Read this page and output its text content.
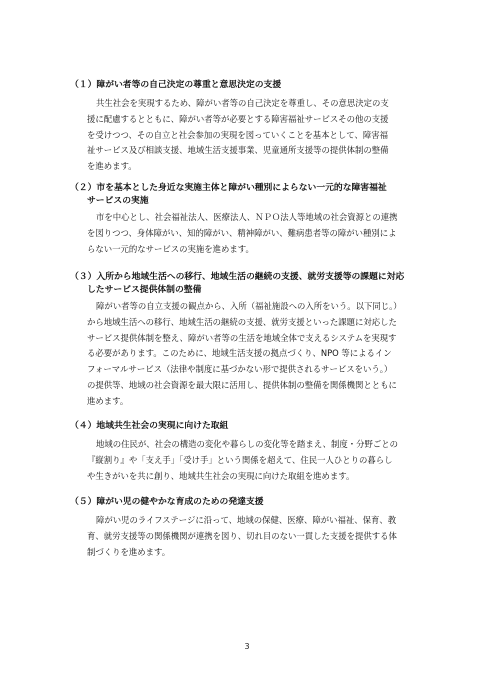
（１）障がい者等の自己決定の尊重と意思決定の支援

共生社会を実現するため、障がい者等の自己決定を尊重し、その意思決定の支
援に配慮するとともに、障がい者等が必要とする障害福祉サービスその他の支援
を受けつつ、その自立と社会参加の実現を図っていくことを基本として、障害福
祉サービス及び相談支援、地域生活支援事業、児童通所支援等の提供体制の整備
を進めます。

（２）市を基本とした身近な実施主体と障がい種別によらない一元的な障害福祉

サービスの実施

市を中心とし、社会福祉法人、医療法人、ＮＰＯ法人等地域の社会資源との連携
を図りつつ、身体障がい、知的障がい、精神障がい、難病患者等の障がい種別によ
らない一元的なサービスの実施を進めます。

（３）入所から地域生活への移行、地域生活の継続の支援、就労支援等の課題に対応

したサービス提供体制の整備

障がい者等の自立支援の観点から、入所（福祉施設への入所をいう。以下同じ。）
から地域生活への移行、地域生活の継続の支援、就労支援といった課題に対応した
サービス提供体制を整え、障がい者等の生活を地域全体で支えるシステムを実現す
る必要があります。このために、地域生活支援の拠点づくり、NPO 等によるイン
フォーマルサービス（法律や制度に基づかない形で提供されるサービスをいう。）
の提供等、地域の社会資源を最大限に活用し、提供体制の整備を関係機関とともに
進めます。

（４）地域共生社会の実現に向けた取組

地域の住民が、社会の構造の変化や暮らしの変化等を踏まえ、制度・分野ごとの
『縦割り』や「支え手」「受け手」という関係を超えて、住民一人ひとりの暮らし
や生きがいを共に創り、地域共生社会の実現に向けた取組を進めます。

（５）障がい児の健やかな育成のための発達支援

障がい児のライフステージに沿って、地域の保健、医療、障がい福祉、保育、教
育、就労支援等の関係機関が連携を図り、切れ目のない一貫した支援を提供する体
制づくりを進めます。
3
